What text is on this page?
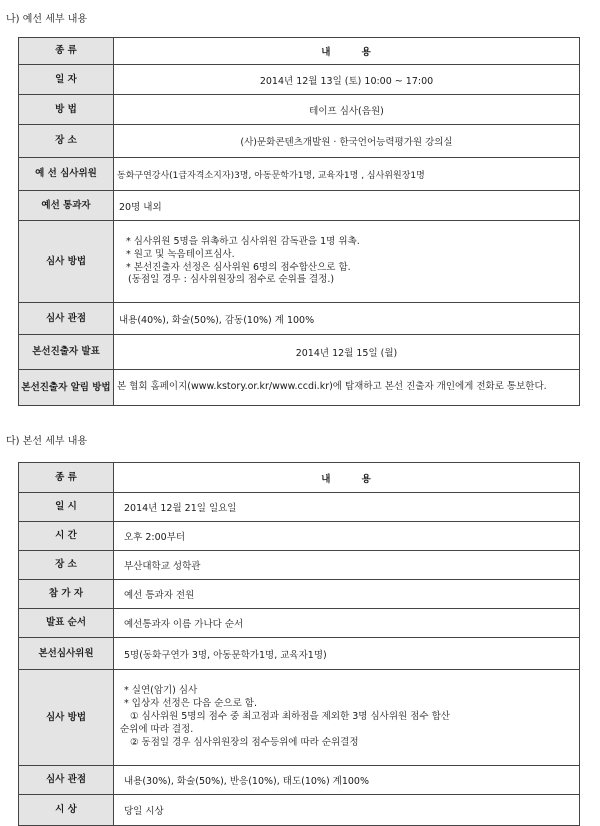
나) 예선 세부 내용
종 류	내       용
일 자	2014년 12월 13일 (토) 10:00 ~ 17:00
방 법	테이프 심사(음원)
장 소	(사)문화콘텐츠개발원 · 한국언어능력평가원 강의실
예 선 심사위원	동화구연강사(1급자격소지자)3명, 아동문학가1명, 교육자1명 , 심사위원장1명
예선 통과자	20명 내외
심사 방법	* 심사위원 5명을 위촉하고 심사위원 감독관을 1명 위촉.
* 원고 및 녹음테이프심사.
* 본선진출자 선정은 심사위원 6명의 점수합산으로 함.
(동점일 경우 : 심사위원장의 점수로 순위를 결정.)

심사 관점	내용(40%), 화술(50%), 감동(10%) 계 100%
본선진출자 발표	2014년 12월 15일 (월)
본선진출자 알림 방법	본 협회 홈페이지(www.kstory.or.kr/www.ccdi.kr)에 탑재하고 본선 진출자 개인에게 전화로 통보한다.
다) 본선 세부 내용
종 류	내       용
일 시	2014년 12월 21일 일요일
시 간	오후 2:00부터
장 소	부산대학교 성학관
참 가 자	예선 통과자 전원
발표 순서	예선통과자 이름 가나다 순서
본선심사위원	5명(동화구연가 3명, 아동문학가1명, 교육자1명)
심사 방법	* 실연(암기) 심사
* 입상자 선정은 다음 순으로 함.
① 심사위원 5명의 점수 중 최고점과 최하점을 제외한 3명 심사위원 점수 합산
순위에 따라 결정.
② 동점일 경우 심사위원장의 점수등위에 따라 순위결정

심사 관점	내용(30%), 화술(50%), 반응(10%), 태도(10%) 계100%
시 상	당일 시상
